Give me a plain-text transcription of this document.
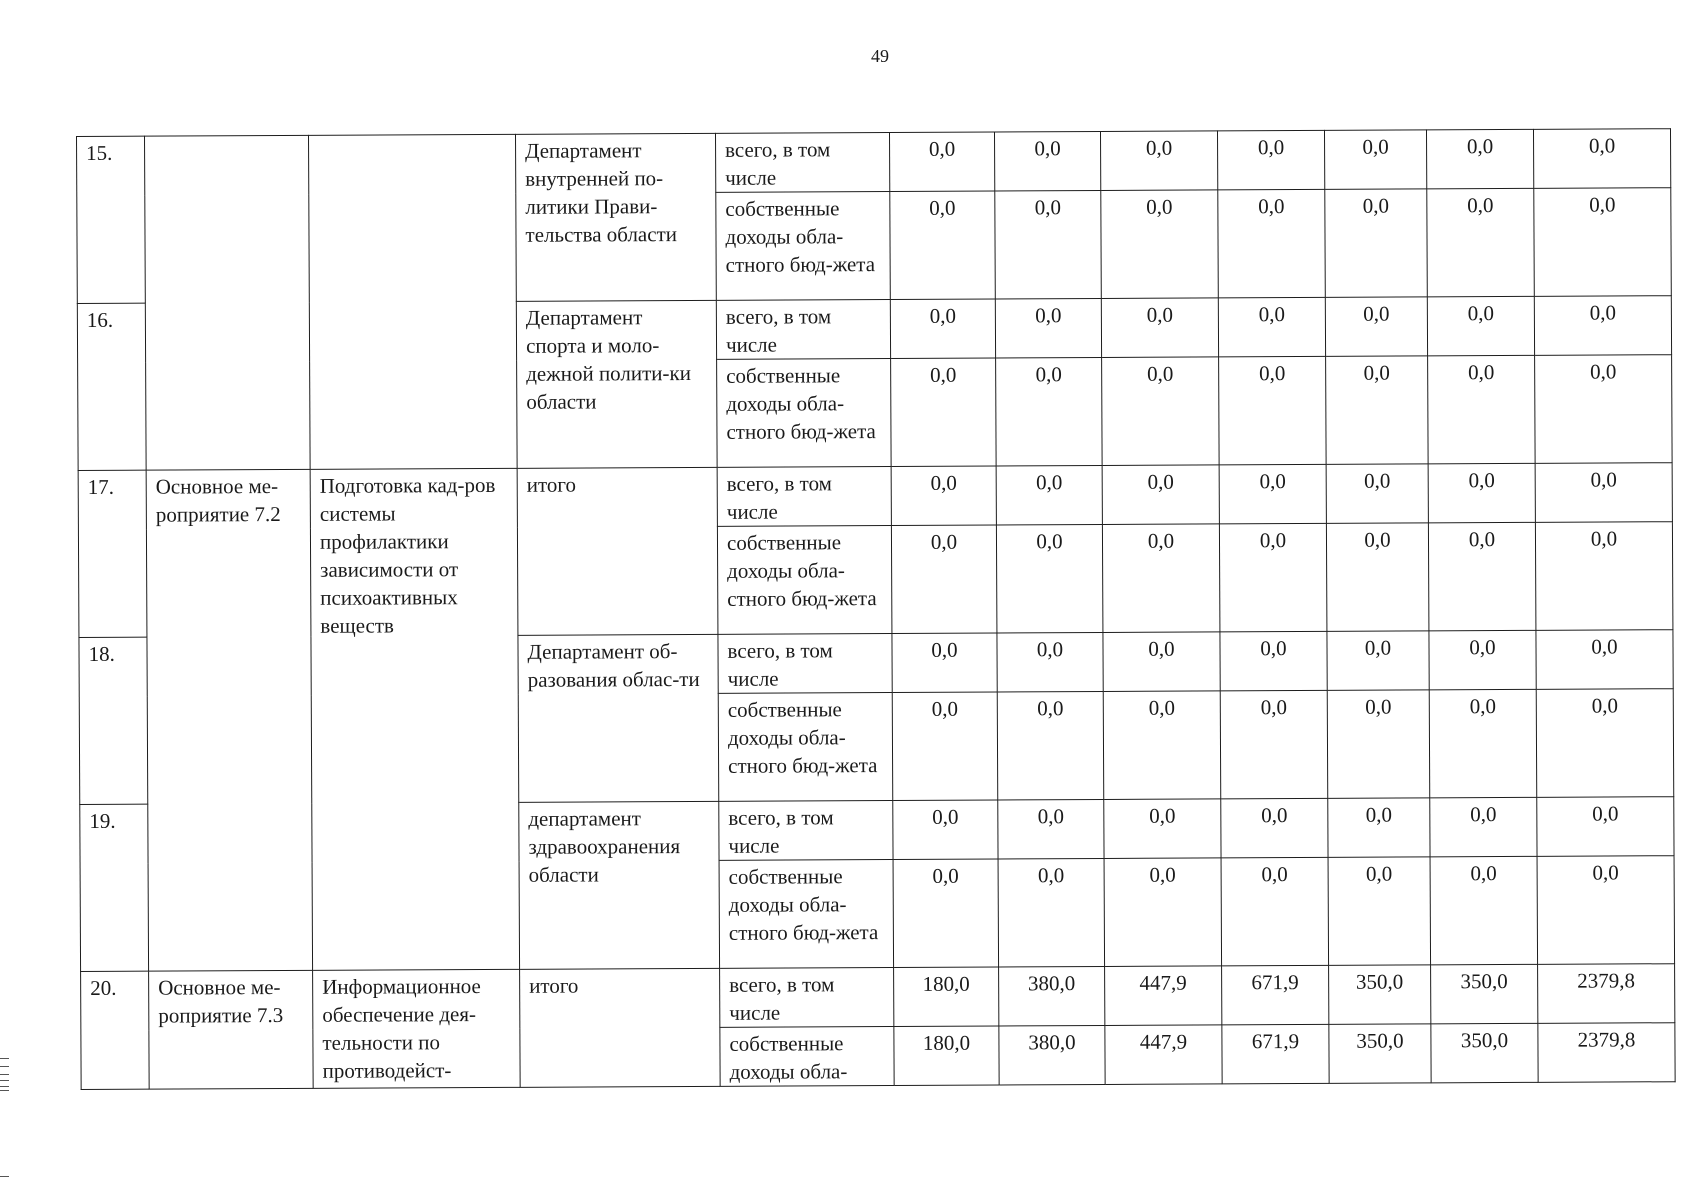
49
15.			Департамент внутренней по-литики Прави-тельства области	всего, в том числе	0,0	0,0	0,0	0,0	0,0	0,0	0,0
				собственные доходы обла-стного бюд-жета	0,0	0,0	0,0	0,0	0,0	0,0	0,0
16.			Департамент спорта и моло-дежной полити-ки области	всего, в том числе	0,0	0,0	0,0	0,0	0,0	0,0	0,0
				собственные доходы обла-стного бюд-жета	0,0	0,0	0,0	0,0	0,0	0,0	0,0
17.	Основное ме-роприятие 7.2	Подготовка кад-ров системы профилактики зависимости от психоактивных веществ	итого	всего, в том числе	0,0	0,0	0,0	0,0	0,0	0,0	0,0
				собственные доходы обла-стного бюд-жета	0,0	0,0	0,0	0,0	0,0	0,0	0,0
18.			Департамент об-разования облас-ти	всего, в том числе	0,0	0,0	0,0	0,0	0,0	0,0	0,0
				собственные доходы обла-стного бюд-жета	0,0	0,0	0,0	0,0	0,0	0,0	0,0
19.			департамент здравоохранения области	всего, в том числе	0,0	0,0	0,0	0,0	0,0	0,0	0,0
				собственные доходы обла-стного бюд-жета	0,0	0,0	0,0	0,0	0,0	0,0	0,0
20.	Основное ме-роприятие 7.3	Информационное обеспечение дея-тельности по противодейст-	итого	всего, в том числе	180,0	380,0	447,9	671,9	350,0	350,0	2379,8
				собственные доходы обла-	180,0	380,0	447,9	671,9	350,0	350,0	2379,8
